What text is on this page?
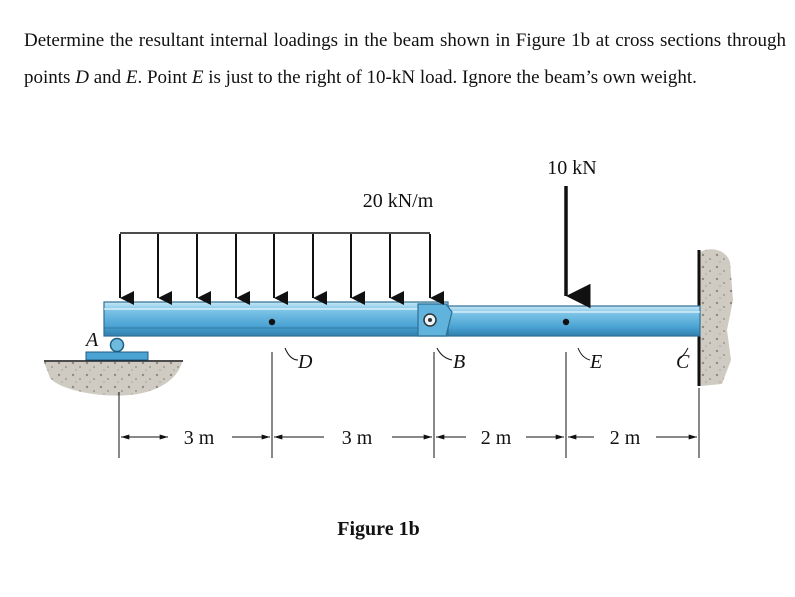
Determine the resultant internal loadings in the beam shown in Figure 1b at cross sections through points D and E. Point E is just to the right of 10-kN load. Ignore the beam’s own weight.

20 kN/m
10 kN
A
D	B	E	C
3 m	3 m	2 m	2 m
Figure 1b
